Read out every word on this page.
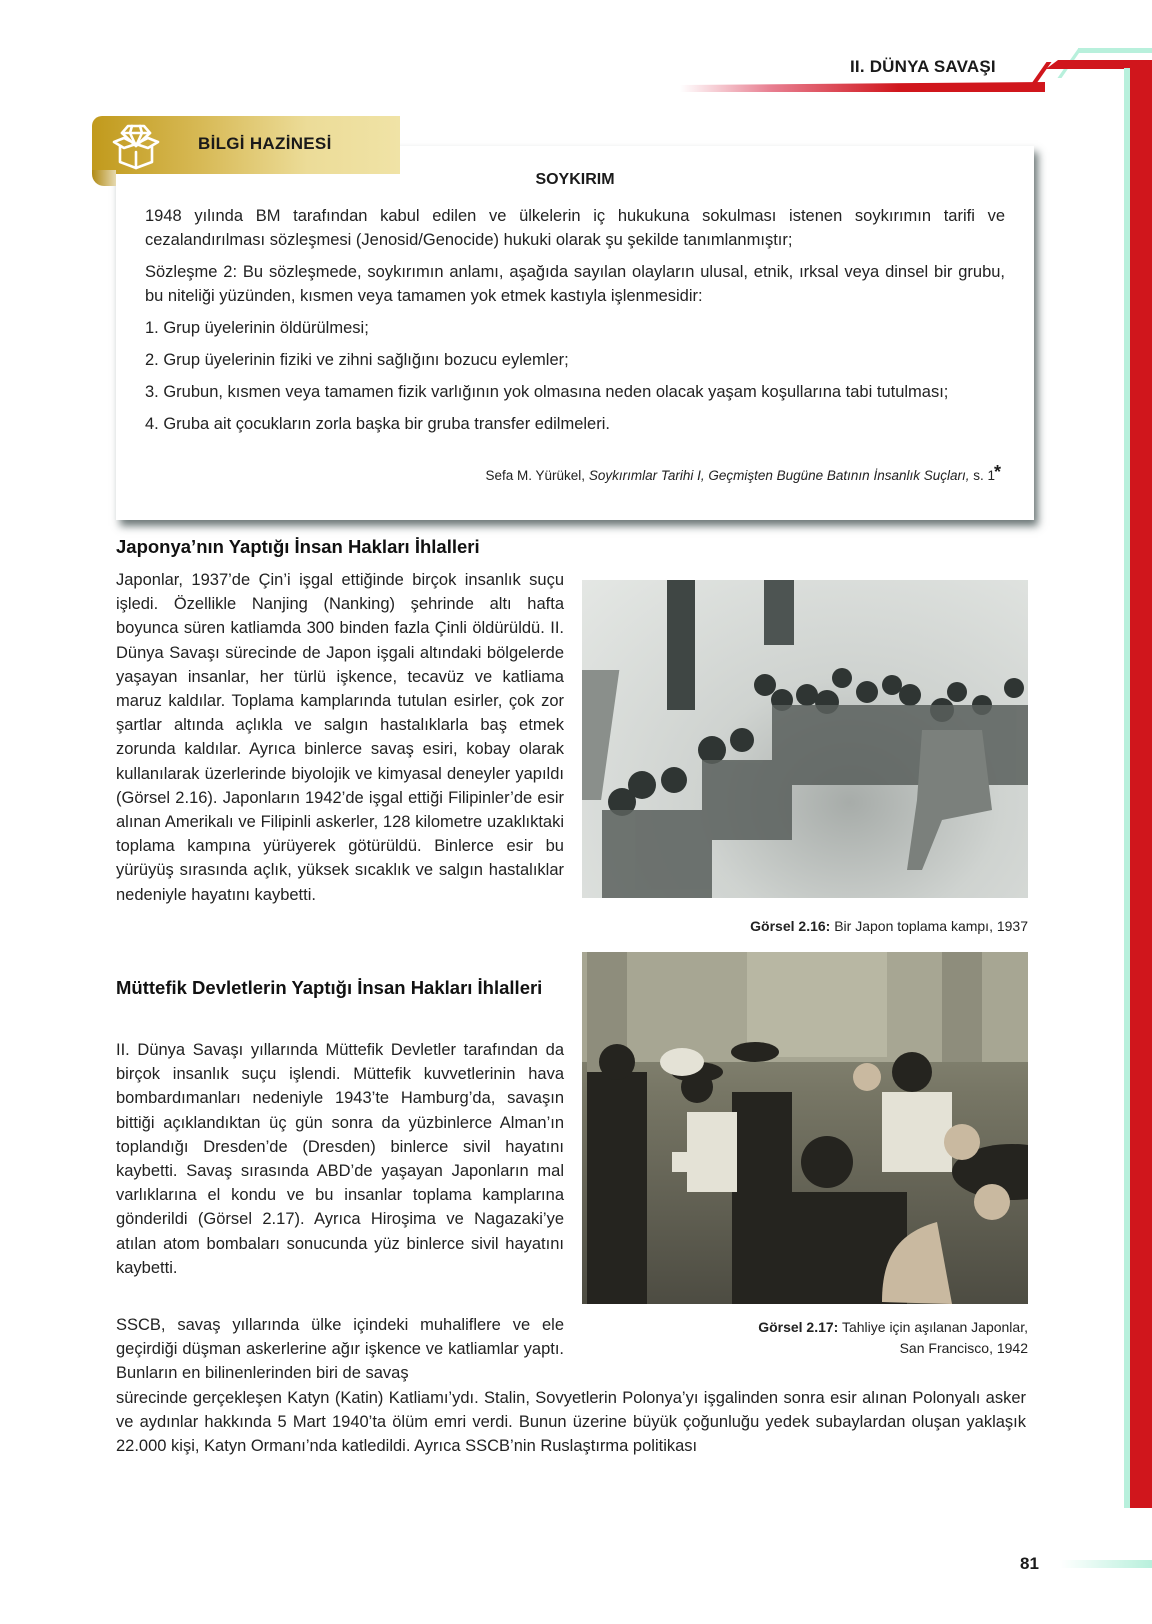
II. DÜNYA SAVAŞI
BİLGİ HAZİNESİ
SOYKIRIM

1948 yılında BM tarafından kabul edilen ve ülkelerin iç hukukuna sokulması istenen soykırımın tarifi ve cezalandırılması sözleşmesi (Jenosid/Genocide) hukuki olarak şu şekilde tanımlanmıştır;

Sözleşme 2: Bu sözleşmede, soykırımın anlamı, aşağıda sayılan olayların ulusal, etnik, ırksal veya dinsel bir grubu, bu niteliği yüzünden, kısmen veya tamamen yok etmek kastıyla işlenmesidir:

1. Grup üyelerinin öldürülmesi;
2. Grup üyelerinin fiziki ve zihni sağlığını bozucu eylemler;
3. Grubun, kısmen veya tamamen fizik varlığının yok olmasına neden olacak yaşam koşullarına tabi tutulması;
4. Gruba ait çocukların zorla başka bir gruba transfer edilmeleri.
Sefa M. Yürükel, Soykırımlar Tarihi I, Geçmişten Bugüne Batının İnsanlık Suçları, s. 1 *
Japonya’nın Yaptığı İnsan Hakları İhlalleri
Japonlar, 1937’de Çin’i işgal ettiğinde birçok insanlık suçu işledi. Özellikle Nanjing (Nanking) şehrinde altı hafta boyunca süren katliamda 300 binden fazla Çinli öldürüldü. II. Dünya Savaşı sürecinde de Japon işgali altındaki bölgelerde yaşayan insanlar, her türlü işkence, tecavüz ve katliama maruz kaldılar. Toplama kamplarında tutulan esirler, çok zor şartlar altında açlıkla ve salgın hastalıklarla baş etmek zorunda kaldılar. Ayrıca binlerce savaş esiri, kobay olarak kullanılarak üzerlerinde biyolojik ve kimyasal deneyler yapıldı (Görsel 2.16). Japonların 1942’de işgal ettiği Filipinler’de esir alınan Amerikalı ve Filipinli askerler, 128 kilometre uzaklıktaki toplama kampına yürüyerek götürüldü. Binlerce esir bu yürüyüş sırasında açlık, yüksek sıcaklık ve salgın hastalıklar nedeniyle hayatını kaybetti.
Görsel 2.16: Bir Japon toplama kampı, 1937
Müttefik Devletlerin Yaptığı İnsan Hakları İhlalleri
II. Dünya Savaşı yıllarında Müttefik Devletler tarafından da birçok insanlık suçu işlendi. Müttefik kuvvetlerinin hava bombardımanları nedeniyle 1943’te Hamburg’da, savaşın bittiği açıklandıktan üç gün sonra da yüzbinlerce Alman’ın toplandığı Dresden’de (Dresden) binlerce sivil hayatını kaybetti. Savaş sırasında ABD’de yaşayan Japonların mal varlıklarına el kondu ve bu insanlar toplama kamplarına gönderildi (Görsel 2.17). Ayrıca Hiroşima ve Nagazaki’ye atılan atom bombaları sonucunda yüz binlerce sivil hayatını kaybetti.
SSCB, savaş yıllarında ülke içindeki muhaliflere ve ele geçirdiği düşman askerlerine ağır işkence ve katliamlar yaptı. Bunların en bilinenlerinden biri de savaş
sürecinde gerçekleşen Katyn (Katin) Katliamı’ydı. Stalin, Sovyetlerin Polonya’yı işgalinden sonra esir alınan Polonyalı asker ve aydınlar hakkında 5 Mart 1940’ta ölüm emri verdi. Bunun üzerine büyük çoğunluğu yedek subaylardan oluşan yaklaşık 22.000 kişi, Katyn Ormanı’nda katledildi. Ayrıca SSCB’nin Ruslaştırma politikası
Görsel 2.17: Tahliye için aşılanan Japonlar,
San Francisco, 1942
81
